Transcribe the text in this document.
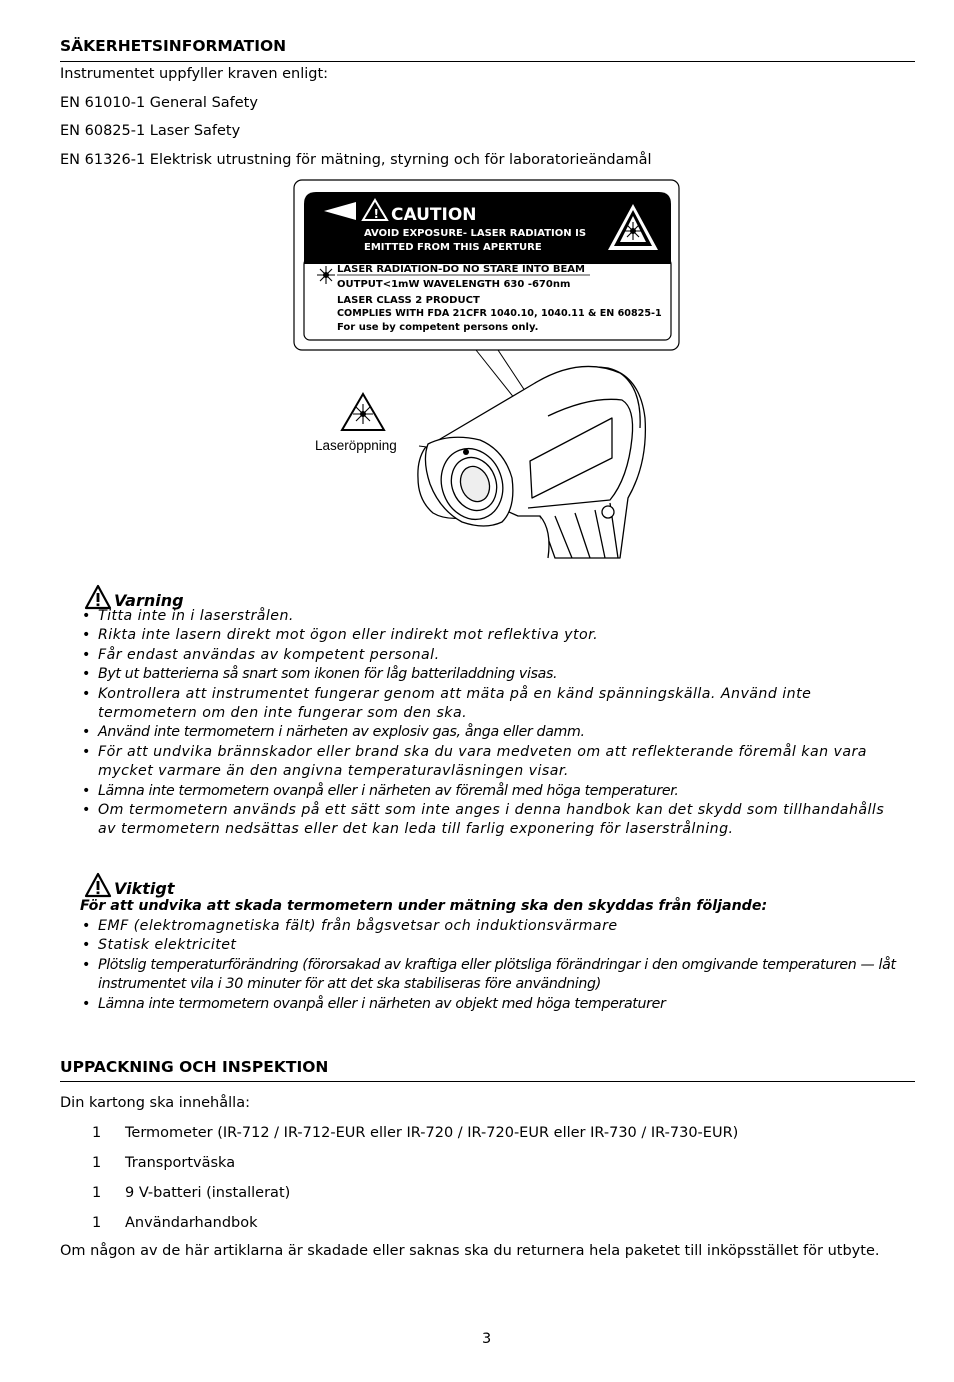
SÄKERHETSINFORMATION
Instrumentet uppfyller kraven enligt:
EN 61010-1 General Safety
EN 60825-1 Laser Safety
EN 61326-1 Elektrisk utrustning för mätning, styrning och för laboratorieändamål
! CAUTION
AVOID EXPOSURE- LASER RADIATION IS
EMITTED FROM THIS APERTURE
LASER RADIATION-DO NO STARE INTO BEAM
OUTPUT<1mW WAVELENGTH 630 -670nm
LASER CLASS 2 PRODUCT
COMPLIES WITH FDA 21CFR 1040.10, 1040.11 & EN 60825-1
For use by competent persons only.
Laseröppning
Varning
• Titta inte in i laserstrålen.
• Rikta inte lasern direkt mot ögon eller indirekt mot reflektiva ytor.
• Får endast användas av kompetent personal.
• Byt ut batterierna så snart som ikonen för låg batteriladdning visas.
• Kontrollera att instrumentet fungerar genom att mäta på en känd spänningskälla. Använd inte termometern om den inte fungerar som den ska.
• Använd inte termometern i närheten av explosiv gas, ånga eller damm.
• För att undvika brännskador eller brand ska du vara medveten om att reflekterande föremål kan vara mycket varmare än den angivna temperaturavläsningen visar.
• Lämna inte termometern ovanpå eller i närheten av föremål med höga temperaturer.
• Om termometern används på ett sätt som inte anges i denna handbok kan det skydd som tillhandahålls av termometern nedsättas eller det kan leda till farlig exponering för laserstrålning.
Viktigt
För att undvika att skada termometern under mätning ska den skyddas från följande:
• EMF (elektromagnetiska fält) från bågsvetsar och induktionsvärmare
• Statisk elektricitet
• Plötslig temperaturförändring (förorsakad av kraftiga eller plötsliga förändringar i den omgivande temperaturen — låt instrumentet vila i 30 minuter för att det ska stabiliseras före användning)
• Lämna inte termometern ovanpå eller i närheten av objekt med höga temperaturer
UPPACKNING OCH INSPEKTION
Din kartong ska innehålla:
1 Termometer (IR-712 / IR-712-EUR eller IR-720 / IR-720-EUR eller IR-730 / IR-730-EUR)
1 Transportväska
1 9 V-batteri (installerat)
1 Användarhandbok
Om någon av de här artiklarna är skadade eller saknas ska du returnera hela paketet till inköpsstället för utbyte.
3
